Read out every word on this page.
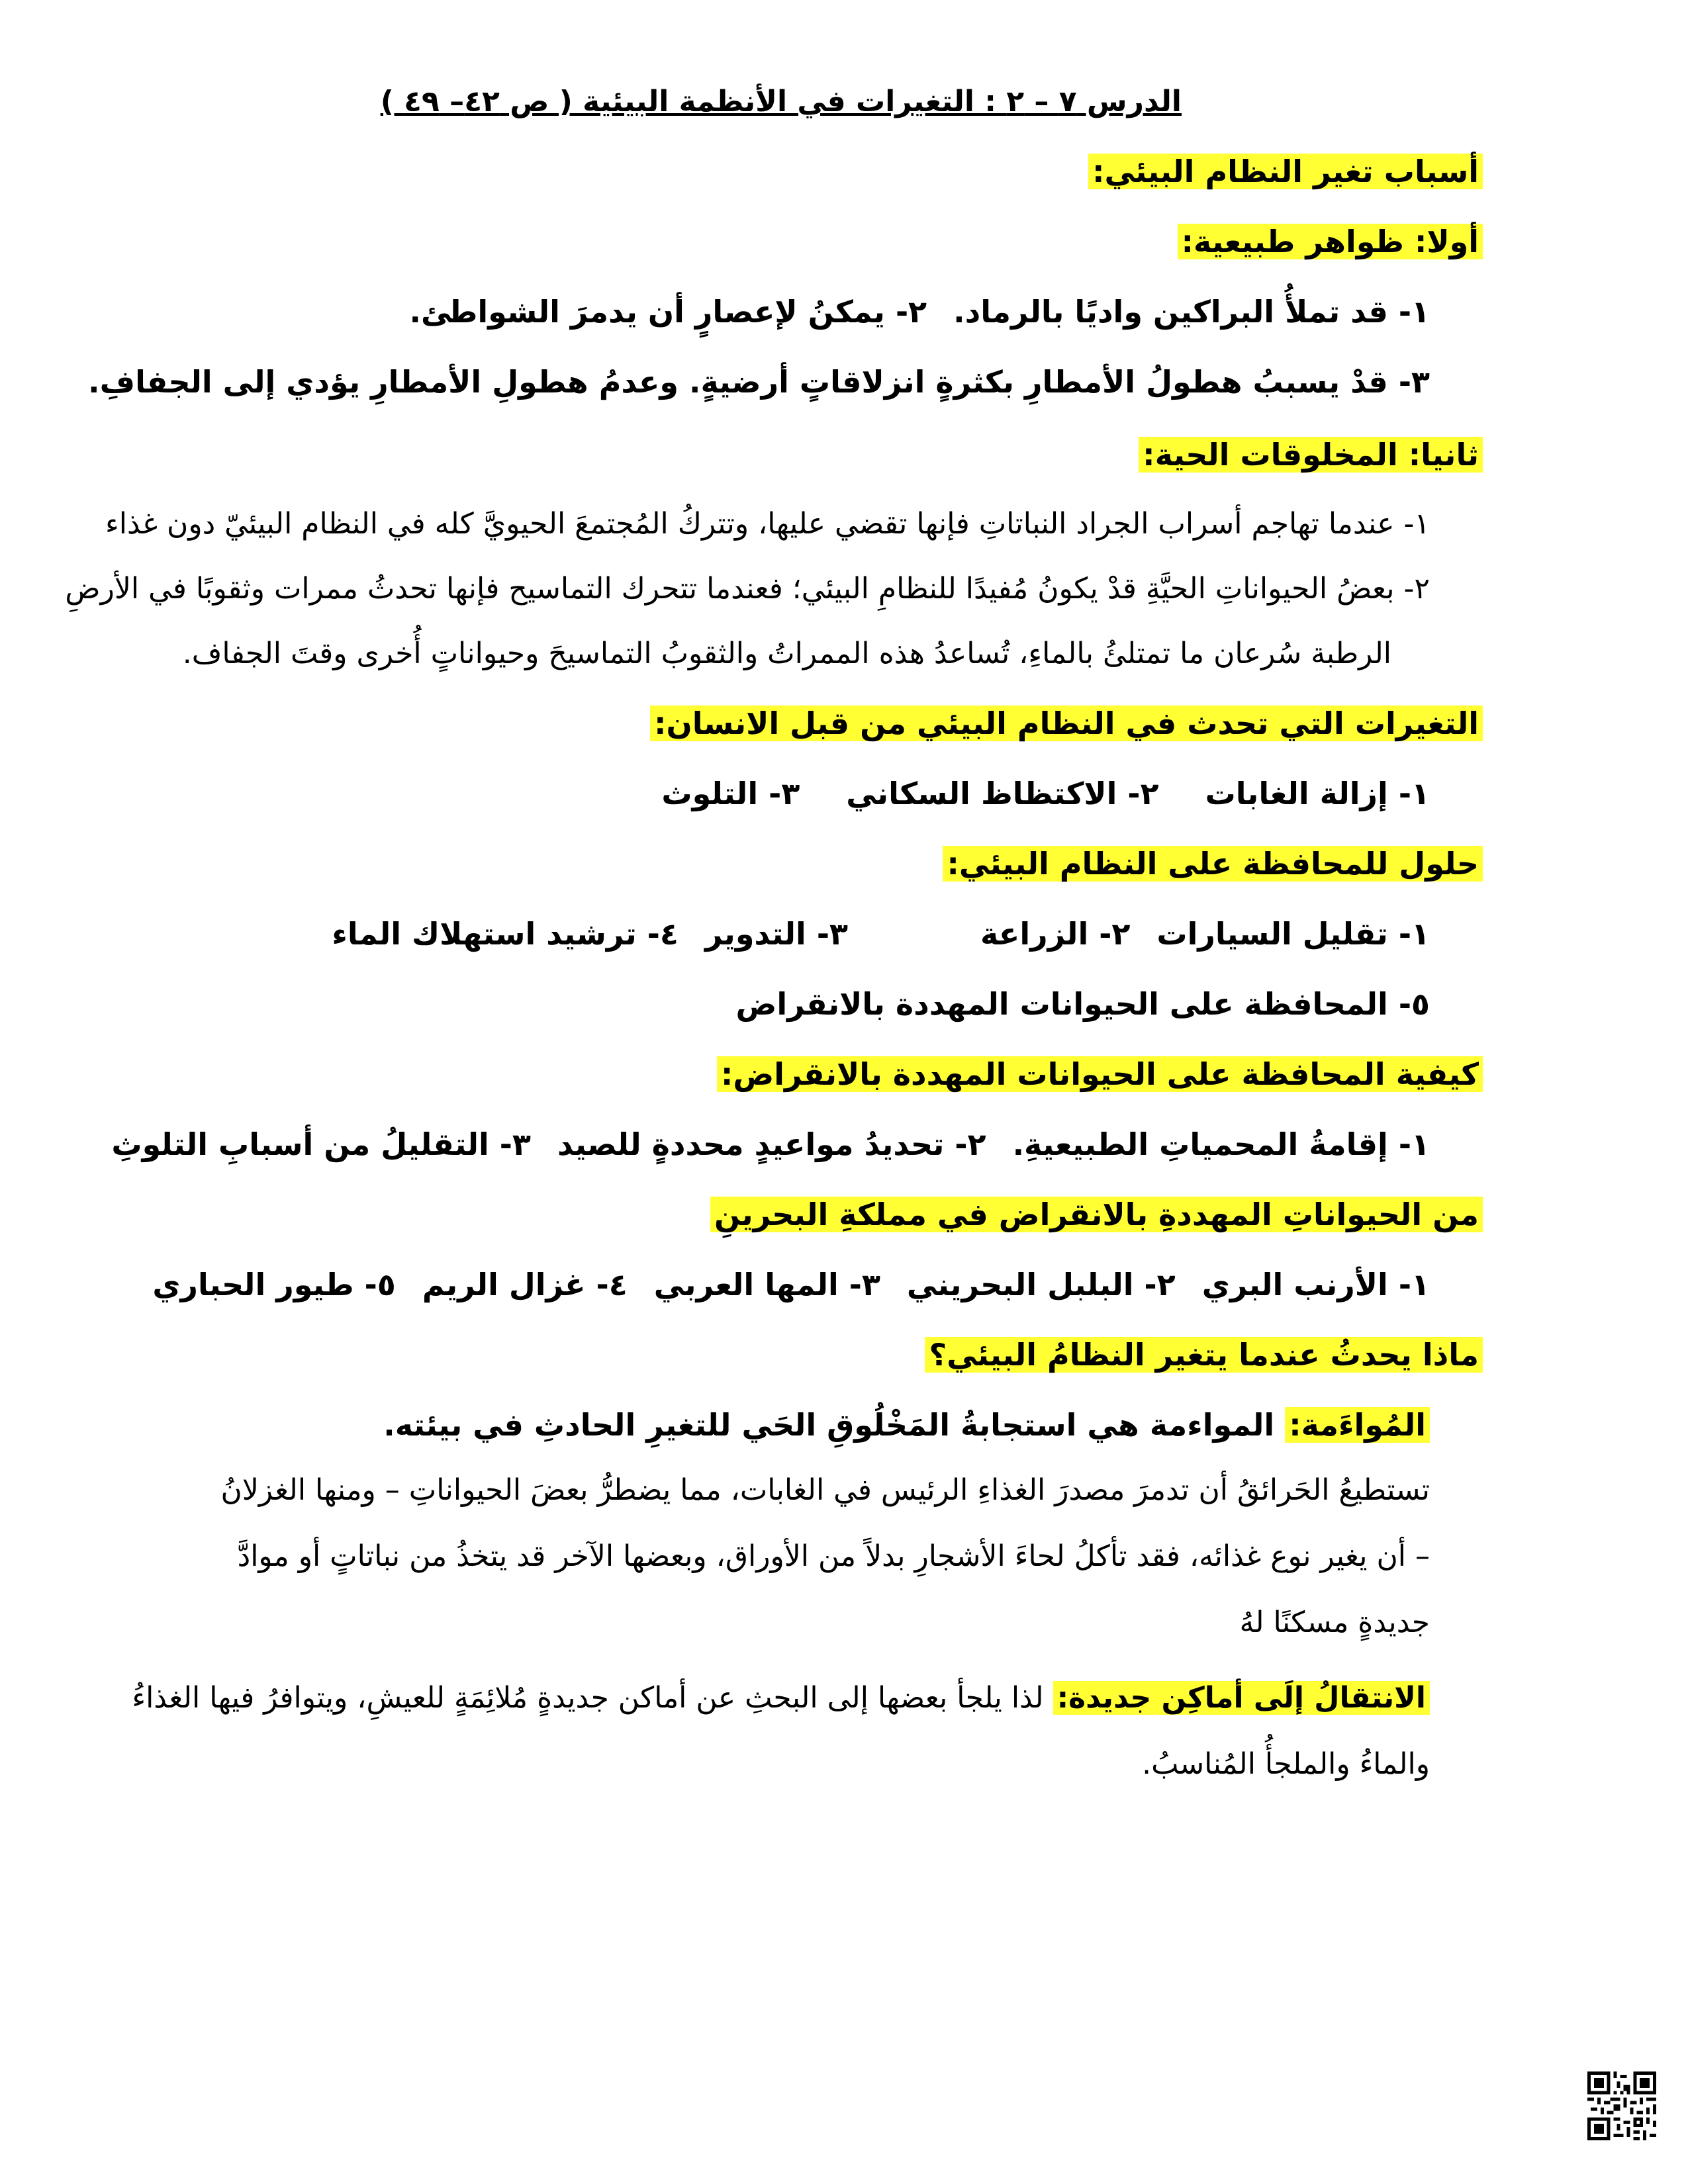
الدرس ٧ – ٢ : التغيرات في الأنظمة البيئية ( ص ٤٢– ٤٩ )
أسباب تغير النظام البيئي:
أولا: ظواهر طبيعية:
١- قد تملأُ البراكين واديًا بالرماد.٢- يمكنُ لإعصارٍ أن يدمرَ الشواطئ.
٣- قدْ يسببُ هطولُ الأمطارِ بكثرةٍ انزلاقاتٍ أرضيةٍ. وعدمُ هطولِ الأمطارِ يؤدي إلى الجفافِ.
ثانيا: المخلوقات الحية:
١- عندما تهاجم أسراب الجراد النباتاتِ فإنها تقضي عليها، وتتركُ المُجتمعَ الحيويَّ كله في النظام البيئيّ دون غذاء
٢- بعضُ الحيواناتِ الحيَّةِ قدْ يكونُ مُفيدًا للنظامِ البيئي؛ فعندما تتحرك التماسيح فإنها تحدثُ ممرات وثقوبًا في الأرضِ
الرطبة سُرعان ما تمتلئُ بالماءِ، تُساعدُ هذه الممراتُ والثقوبُ التماسيحَ وحيواناتٍ أُخرى وقتَ الجفاف.
التغيرات التي تحدث في النظام البيئي من قبل الانسان:
١- إزالة الغابات٢- الاكتظاظ السكاني٣- التلوث
حلول للمحافظة على النظام البيئي:
١- تقليل السيارات٢- الزراعة٣- التدوير٤- ترشيد استهلاك الماء
٥- المحافظة على الحيوانات المهددة بالانقراض
كيفية المحافظة على الحيوانات المهددة بالانقراض:
١- إقامةُ المحمياتِ الطبيعيةِ.٢- تحديدُ مواعيدٍ محددةٍ للصيد٣- التقليلُ من أسبابِ التلوثِ
من الحيواناتِ المهددةِ بالانقراض في مملكةِ البحرينِ
١- الأرنب البري٢- البلبل البحريني٣- المها العربي٤- غزال الريم٥- طيور الحباري
ماذا يحدثُ عندما يتغير النظامُ البيئي؟
المُواءَمة: المواءمة هي استجابةُ المَخْلُوقِ الحَي للتغيرِ الحادثِ في بيئته.
تستطيعُ الحَرائقُ أن تدمرَ مصدرَ الغذاءِ الرئيس في الغابات، مما يضطرُّ بعضَ الحيواناتِ – ومنها الغزلانُ
– أن يغير نوع غذائه، فقد تأكلُ لحاءَ الأشجارِ بدلاً من الأوراق، وبعضها الآخر قد يتخذُ من نباتاتٍ أو موادَّ
جديدةٍ مسكنًا لهُ
الانتقالُ إلَى أماكِن جديدة: لذا يلجأ بعضها إلى البحثِ عن أماكن جديدةٍ مُلائِمَةٍ للعيشِ، ويتوافرُ فيها الغذاءُ
والماءُ والملجأُ المُناسبُ.
